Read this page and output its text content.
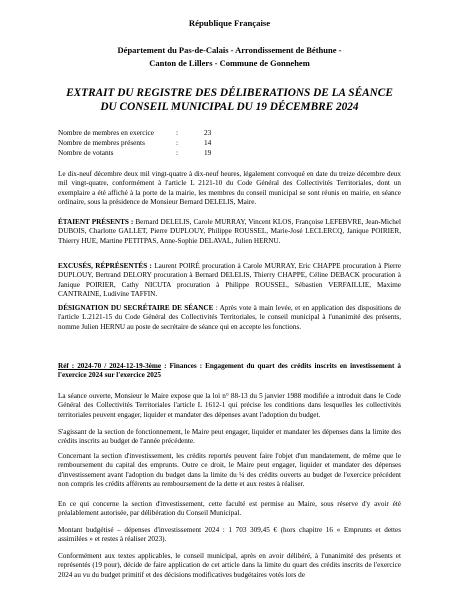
République Française
Département du Pas-de-Calais - Arrondissement de Béthune -
Canton de Lillers - Commune de Gonnehem
EXTRAIT DU REGISTRE DES DÉLIBERATIONS DE LA SÉANCE
DU CONSEIL MUNICIPAL DU 19 DÉCEMBRE 2024
Nombre de membres en exercice	:	23
Nombre de membres présents	:	14
Nombre de votants	:	19
Le dix-neuf décembre deux mil vingt-quatre à dix-neuf heures, légalement convoqué en date du treize décembre deux mil vingt-quatre, conformément à l'article L 2121-10 du Code Général des Collectivités Territoriales, dont un exemplaire a été affiché à la porte de la mairie, les membres du conseil municipal se sont réunis en mairie, en séance ordinaire, sous la présidence de Monsieur Bernard DELELIS, Maire.
ÉTAIENT PRÉSENTS : Bernard DELELIS, Carole MURRAY, Vincent KLOS, Françoise LEFEBVRE, Jean-Michel DUBOIS, Charlotte GALLET, Pierre DUPLOUY, Philippe ROUSSEL, Marie-José LECLERCQ, Janique POIRIER, Thierry HUE, Martine PETITPAS, Anne-Sophie DELAVAL, Julien HERNU.
EXCUSÉS, RÉPRÉSENTÉS : Laurent POIRÉ procuration à Carole MURRAY, Eric CHAPPE procuration à Pierre DUPLOUY, Bertrand DELORY procuration à Bernard DELELIS, Thierry CHAPPE, Céline DEBACK procuration à Janique POIRIER, Cathy NICUTA procuration à Philippe ROUSSEL, Sébastien VERFAILLIE, Maxime CANTRAINE, Ludivine TAFFIN.
DÉSIGNATION DU SECRÉTAIRE DE SÉANCE : Après vote à main levée, et en application des dispositions de l'article L.2121-15 du Code Général des Collectivités Territoriales, le conseil municipal à l'unanimité des présents, nomme Julien HERNU au poste de secrétaire de séance qui en accepte les fonctions.
Réf : 2024-70 / 2024-12-19-3ème : Finances : Engagement du quart des crédits inscrits en investissement à l'exercice 2024 sur l'exercice 2025
La séance ouverte, Monsieur le Maire expose que la loi n° 88-13 du 5 janvier 1988 modifiée a introduit dans le Code Général des Collectivités Territoriales l'article L 1612-1 qui précise les conditions dans lesquelles les collectivités territoriales peuvent engager, liquider et mandater des dépenses avant l'adoption du budget.
S'agissant de la section de fonctionnement, le Maire peut engager, liquider et mandater les dépenses dans la limite des crédits inscrits au budget de l'année précédente.
Concernant la section d'investissement, les crédits reportés peuvent faire l'objet d'un mandatement, de même que le remboursement du capital des emprunts. Outre ce droit, le Maire peut engager, liquider et mandater des dépenses d'investissement avant l'adoption du budget dans la limite du ¼ des crédits ouverts au budget de l'exercice précédent non compris les crédits afférents au remboursement de la dette et aux restes à réaliser.
En ce qui concerne la section d'investissement, cette faculté est permise au Maire, sous réserve d'y avoir été préalablement autorisée, par délibération du Conseil Municipal.
Montant budgétisé – dépenses d'investissement 2024 : 1 703 309,45 € (hors chapitre 16 « Emprunts et dettes assimilées » et restes à réaliser 2023).
Conformément aux textes applicables, le conseil municipal, après en avoir délibéré, à l'unanimité des présents et représentés (19 pour), décide de faire application de cet article dans la limite du quart des crédits inscrits de l'exercice 2024 au vu du budget primitif et des décisions modificatives budgétaires votés lors de
